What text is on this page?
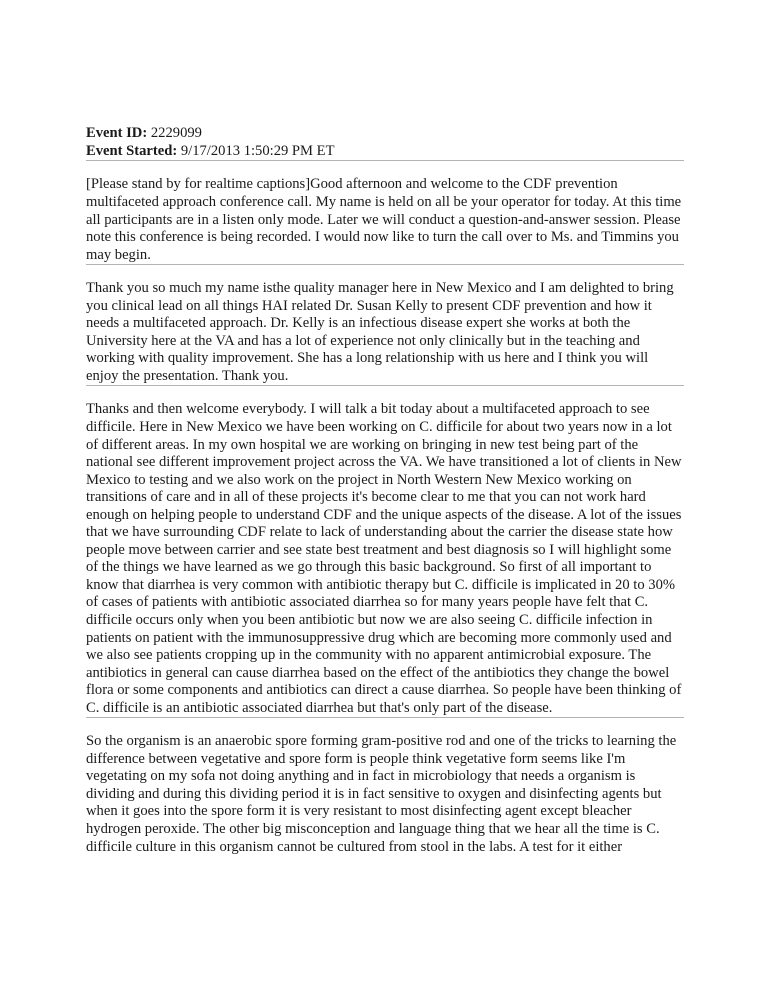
Event ID: 2229099
Event Started: 9/17/2013 1:50:29 PM ET

[Please stand by for realtime captions]Good afternoon and welcome to the CDF prevention multifaceted approach conference call. My name is held on all be your operator for today. At this time all participants are in a listen only mode. Later we will conduct a question-and-answer session. Please note this conference is being recorded. I would now like to turn the call over to Ms. and Timmins you may begin.

Thank you so much my name isthe quality manager here in New Mexico and I am delighted to bring you clinical lead on all things HAI related Dr. Susan Kelly to present CDF prevention and how it needs a multifaceted approach. Dr. Kelly is an infectious disease expert she works at both the University here at the VA and has a lot of experience not only clinically but in the teaching and working with quality improvement. She has a long relationship with us here and I think you will enjoy the presentation. Thank you.

Thanks and then welcome everybody. I will talk a bit today about a multifaceted approach to see difficile. Here in New Mexico we have been working on C. difficile for about two years now in a lot of different areas. In my own hospital we are working on bringing in new test being part of the national see different improvement project across the VA. We have transitioned a lot of clients in New Mexico to testing and we also work on the project in North Western New Mexico working on transitions of care and in all of these projects it's become clear to me that you can not work hard enough on helping people to understand CDF and the unique aspects of the disease. A lot of the issues that we have surrounding CDF relate to lack of understanding about the carrier the disease state how people move between carrier and see state best treatment and best diagnosis so I will highlight some of the things we have learned as we go through this basic background. So first of all important to know that diarrhea is very common with antibiotic therapy but C. difficile is implicated in 20 to 30% of cases of patients with antibiotic associated diarrhea so for many years people have felt that C. difficile occurs only when you been antibiotic but now we are also seeing C. difficile infection in patients on patient with the immunosuppressive drug which are becoming more commonly used and we also see patients cropping up in the community with no apparent antimicrobial exposure. The antibiotics in general can cause diarrhea based on the effect of the antibiotics they change the bowel flora or some components and antibiotics can direct a cause diarrhea. So people have been thinking of C. difficile is an antibiotic associated diarrhea but that's only part of the disease.

So the organism is an anaerobic spore forming gram-positive rod and one of the tricks to learning the difference between vegetative and spore form is people think vegetative form seems like I'm vegetating on my sofa not doing anything and in fact in microbiology that needs a organism is dividing and during this dividing period it is in fact sensitive to oxygen and disinfecting agents but when it goes into the spore form it is very resistant to most disinfecting agent except bleacher hydrogen peroxide. The other big misconception and language thing that we hear all the time is C. difficile culture in this organism cannot be cultured from stool in the labs. A test for it either
